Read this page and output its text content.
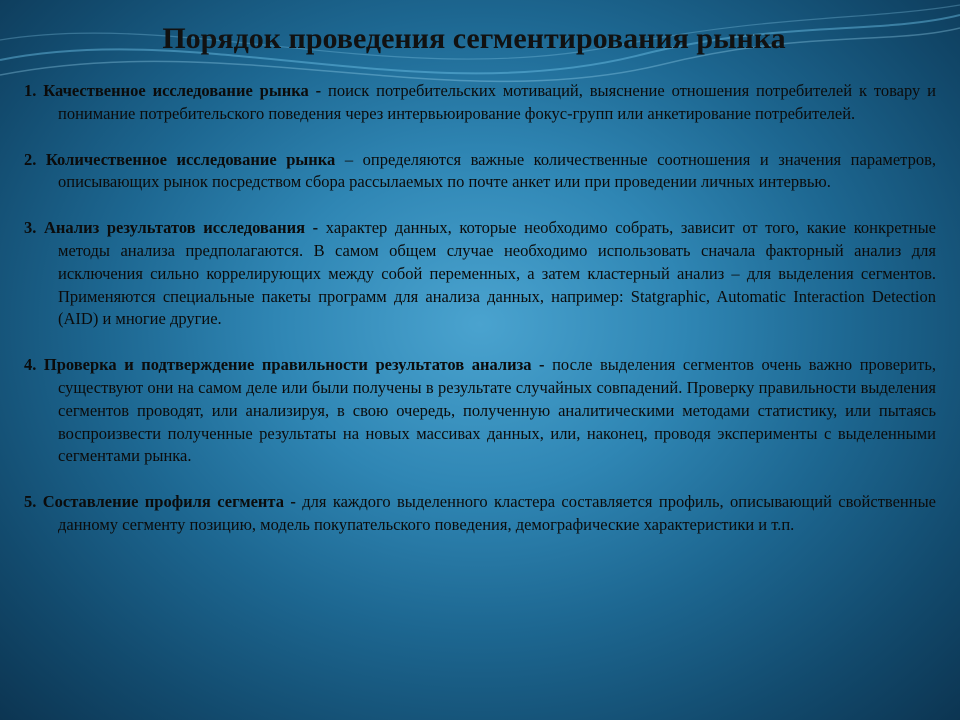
Порядок проведения сегментирования рынка
1. Качественное исследование рынка - поиск потребительских мотиваций, выяснение отношения потребителей к товару и понимание потребительского поведения через интервьюирование фокус-групп или анкетирование потребителей.
2. Количественное исследование рынка – определяются важные количественные соотношения и значения параметров, описывающих рынок посредством сбора рассылаемых по почте анкет или при проведении личных интервью.
3. Анализ результатов исследования - характер данных, которые необходимо собрать, зависит от того, какие конкретные методы анализа предполагаются. В самом общем случае необходимо использовать сначала факторный анализ для исключения сильно коррелирующих между собой переменных, а затем кластерный анализ – для выделения сегментов. Применяются специальные пакеты программ для анализа данных, например: Statgraphic, Automatic Interaction Detection (AID) и многие другие.
4. Проверка и подтверждение правильности результатов анализа - после выделения сегментов очень важно проверить, существуют они на самом деле или были получены в результате случайных совпадений. Проверку правильности выделения сегментов проводят, или анализируя, в свою очередь, полученную аналитическими методами статистику, или пытаясь воспроизвести полученные результаты на новых массивах данных, или, наконец, проводя эксперименты с выделенными сегментами рынка.
5. Составление профиля сегмента - для каждого выделенного кластера составляется профиль, описывающий свойственные данному сегменту позицию, модель покупательского поведения, демографические характеристики и т.п.
